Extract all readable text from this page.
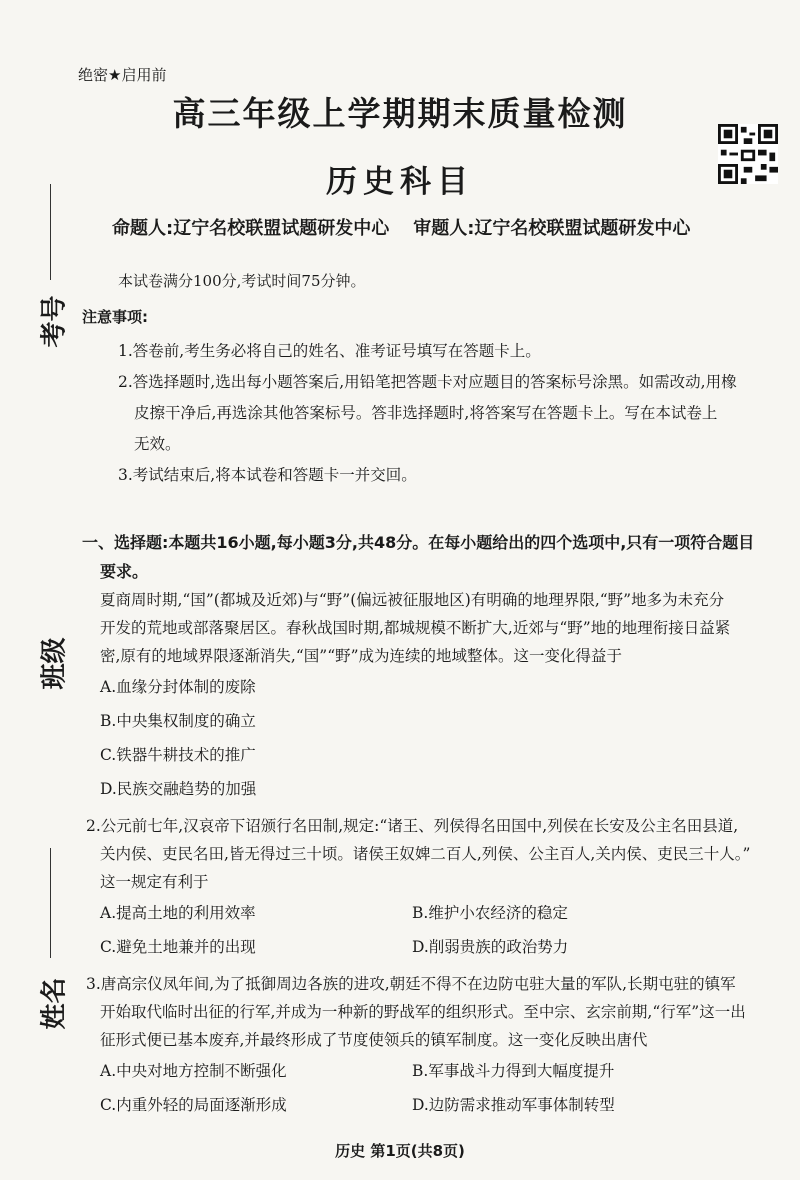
绝密★启用前
高三年级上学期期末质量检测
历史科目
命题人:辽宁名校联盟试题研发中心 审题人:辽宁名校联盟试题研发中心
考号
班级
姓名
本试卷满分100分,考试时间75分钟。
注意事项:

1.答卷前,考生务必将自己的姓名、准考证号填写在答题卡上。

2.答选择题时,选出每小题答案后,用铅笔把答题卡对应题目的答案标号涂黑。如需改动,用橡

皮擦干净后,再选涂其他答案标号。答非选择题时,将答案写在答题卡上。写在本试卷上

无效。

3.考试结束后,将本试卷和答题卡一并交回。

一、选择题:本题共16小题,每小题3分,共48分。在每小题给出的四个选项中,只有一项符合题目
要求。

夏商周时期,“国”(都城及近郊)与“野”(偏远被征服地区)有明确的地理界限,“野”地多为未充分

开发的荒地或部落聚居区。春秋战国时期,都城规模不断扩大,近郊与“野”地的地理衔接日益紧

密,原有的地域界限逐渐消失,“国”“野”成为连续的地域整体。这一变化得益于

A.血缘分封体制的废除

B.中央集权制度的确立

C.铁器牛耕技术的推广

D.民族交融趋势的加强

2.公元前七年,汉哀帝下诏颁行名田制,规定:“诸王、列侯得名田国中,列侯在长安及公主名田县道,

关内侯、吏民名田,皆无得过三十顷。诸侯王奴婢二百人,列侯、公主百人,关内侯、吏民三十人。”

这一规定有利于

A.提高土地的利用效率	B.维护小农经济的稳定
C.避免土地兼并的出现	D.削弱贵族的政治势力

3.唐高宗仪凤年间,为了抵御周边各族的进攻,朝廷不得不在边防屯驻大量的军队,长期屯驻的镇军

开始取代临时出征的行军,并成为一种新的野战军的组织形式。至中宗、玄宗前期,“行军”这一出

征形式便已基本废弃,并最终形成了节度使领兵的镇军制度。这一变化反映出唐代

A.中央对地方控制不断强化	B.军事战斗力得到大幅度提升
C.内重外轻的局面逐渐形成	D.边防需求推动军事体制转型
历史 第1页(共8页)
